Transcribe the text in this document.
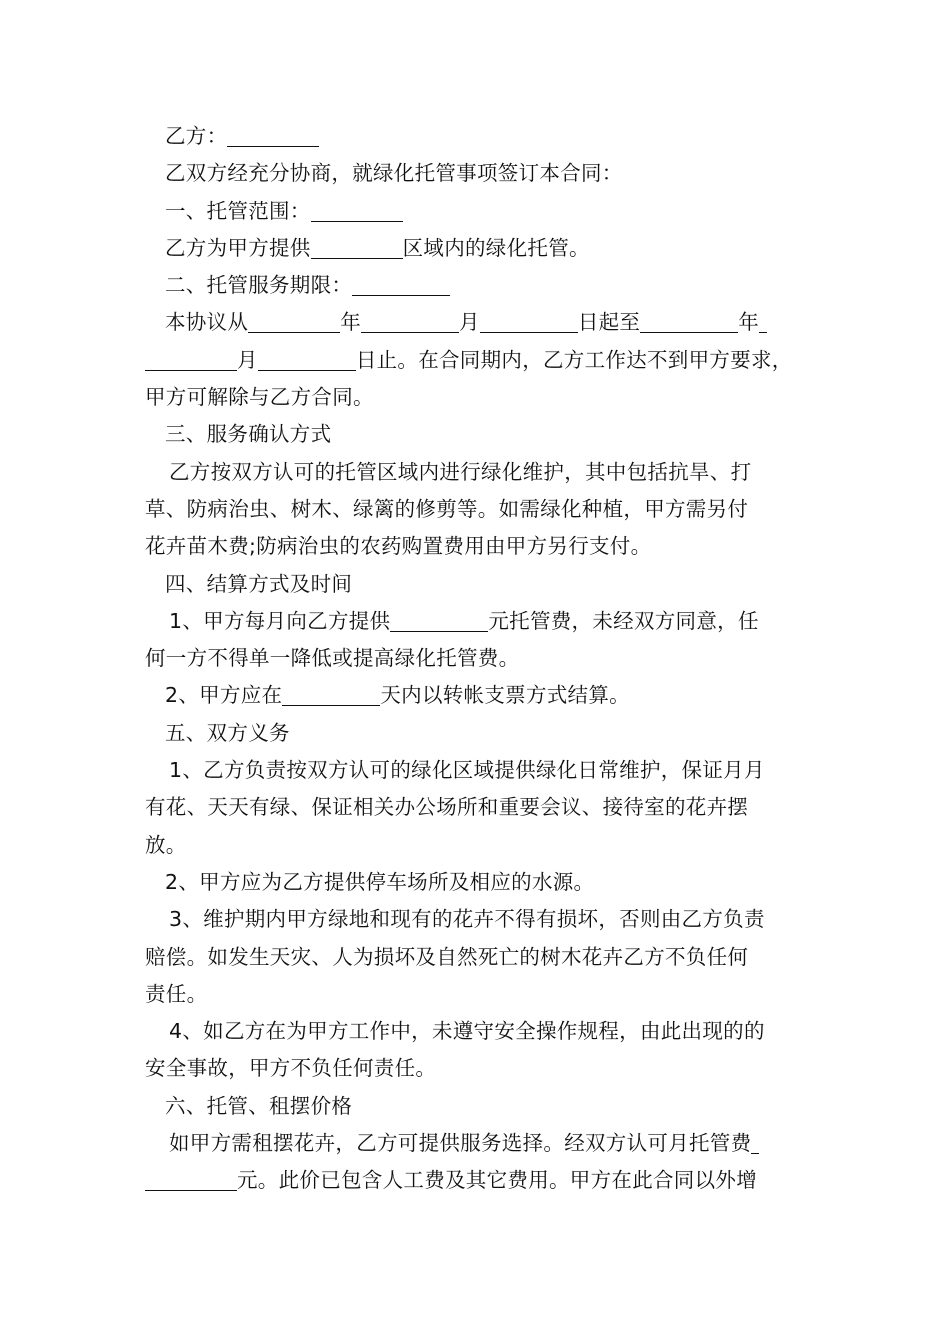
乙方：

乙双方经充分协商，就绿化托管事项签订本合同：

一、托管范围：

乙方为甲方提供	区域内的绿化托管。

二、托管服务期限：

本协议从	年	月	日起至	年

月	日止。在合同期内，乙方工作达不到甲方要求，

甲方可解除与乙方合同。

三、服务确认方式

乙方按双方认可的托管区域内进行绿化维护，其中包括抗旱、打

草、防病治虫、树木、绿篱的修剪等。如需绿化种植，甲方需另付

花卉苗木费;防病治虫的农药购置费用由甲方另行支付。

四、结算方式及时间

1、甲方每月向乙方提供	元托管费，未经双方同意，任

何一方不得单一降低或提高绿化托管费。

2、甲方应在	天内以转帐支票方式结算。

五、双方义务

1、乙方负责按双方认可的绿化区域提供绿化日常维护，保证月月

有花、天天有绿、保证相关办公场所和重要会议、接待室的花卉摆

放。

2、甲方应为乙方提供停车场所及相应的水源。

3、维护期内甲方绿地和现有的花卉不得有损坏，否则由乙方负责

赔偿。如发生天灾、人为损坏及自然死亡的树木花卉乙方不负任何

责任。

4、如乙方在为甲方工作中，未遵守安全操作规程，由此出现的的

安全事故，甲方不负任何责任。

六、托管、租摆价格

如甲方需租摆花卉，乙方可提供服务选择。经双方认可月托管费

元。此价已包含人工费及其它费用。甲方在此合同以外增
